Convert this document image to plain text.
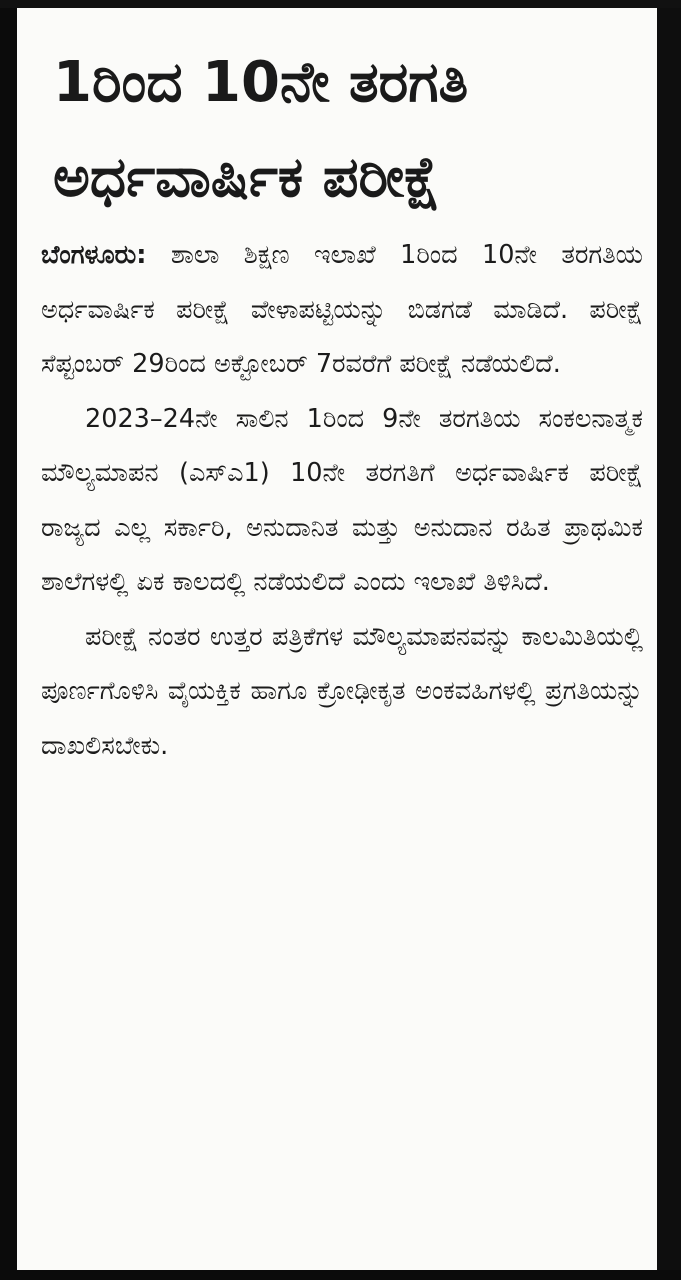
1ರಿಂದ 10ನೇ ತರಗತಿ
ಅರ್ಧವಾರ್ಷಿಕ ಪರೀಕ್ಷೆ

ಬೆಂಗಳೂರು: ಶಾಲಾ ಶಿಕ್ಷಣ ಇಲಾಖೆ 1ರಿಂದ 10ನೇ ತರಗತಿಯ ಅರ್ಧವಾರ್ಷಿಕ ಪರೀಕ್ಷೆ ವೇಳಾಪಟ್ಟಿಯನ್ನು ಬಿಡಗಡೆ ಮಾಡಿದೆ. ಪರೀಕ್ಷೆ ಸೆಪ್ಟಂಬರ್ 29ರಿಂದ ಅಕ್ಟೋಬರ್ 7ರವರೆಗೆ ಪರೀಕ್ಷೆ ನಡೆಯಲಿದೆ.

2023–24ನೇ ಸಾಲಿನ 1ರಿಂದ 9ನೇ ತರಗತಿಯ ಸಂಕಲನಾತ್ಮಕ ಮೌಲ್ಯಮಾಪನ (ಎಸ್‌ಎ1) 10ನೇ ತರಗತಿಗೆ ಅರ್ಧವಾರ್ಷಿಕ ಪರೀಕ್ಷೆ ರಾಜ್ಯದ ಎಲ್ಲ ಸರ್ಕಾರಿ, ಅನುದಾನಿತ ಮತ್ತು ಅನುದಾನ ರಹಿತ ಪ್ರಾಥಮಿಕ ಶಾಲೆಗಳಲ್ಲಿ ಏಕ ಕಾಲದಲ್ಲಿ ನಡೆಯಲಿದೆ ಎಂದು ಇಲಾಖೆ ತಿಳಿಸಿದೆ.

ಪರೀಕ್ಷೆ ನಂತರ ಉತ್ತರ ಪತ್ರಿಕೆಗಳ ಮೌಲ್ಯಮಾಪನವನ್ನು ಕಾಲಮಿತಿಯಲ್ಲಿ ಪೂರ್ಣಗೊಳಿಸಿ ವೈಯಕ್ತಿಕ ಹಾಗೂ ಕ್ರೋಢೀಕೃತ ಅಂಕವಹಿಗಳಲ್ಲಿ ಪ್ರಗತಿಯನ್ನು ದಾಖಲಿಸಬೇಕು.
